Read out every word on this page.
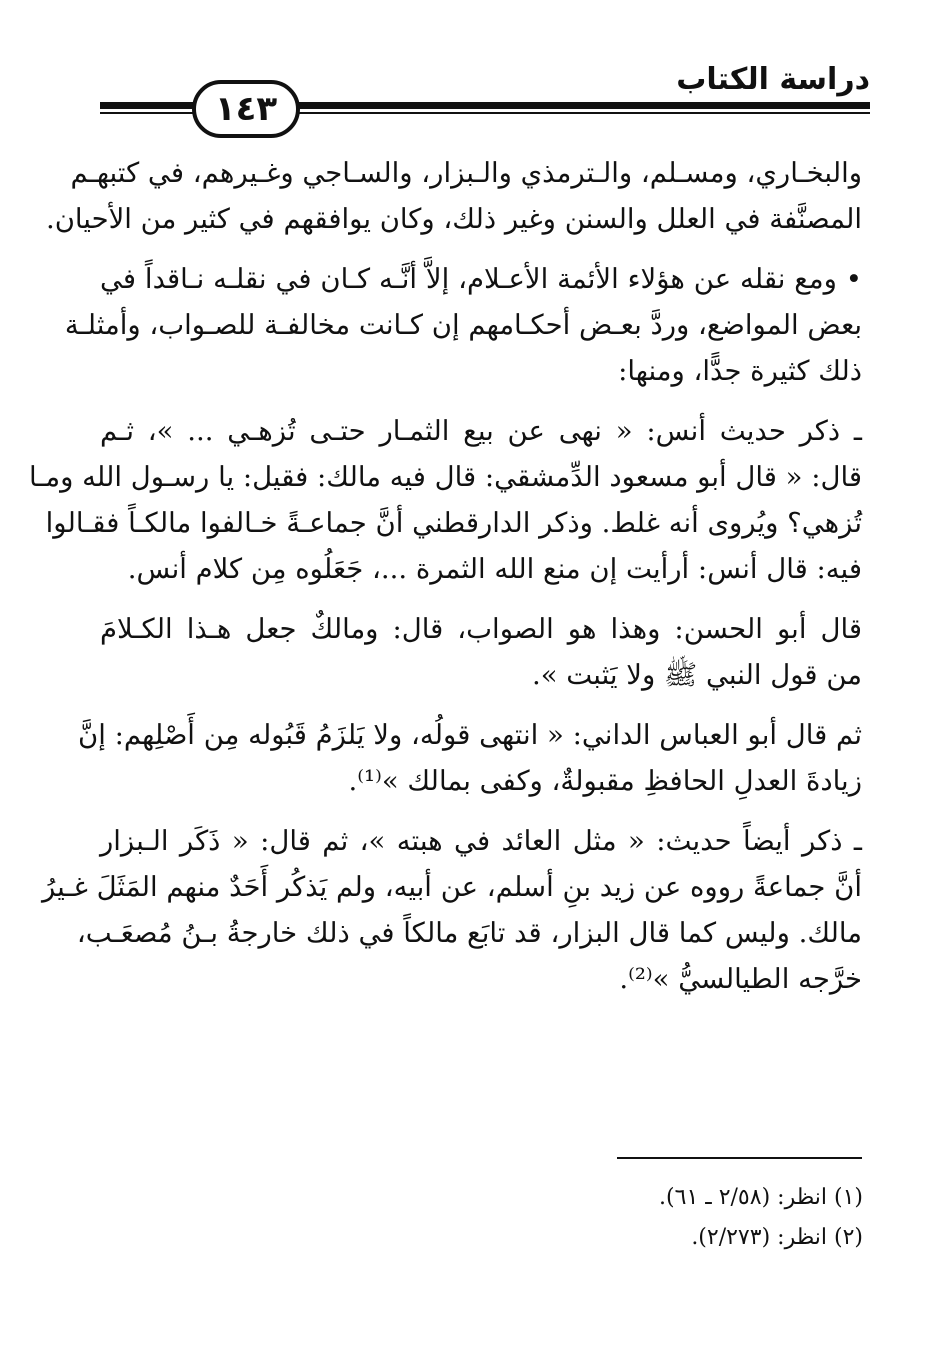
دراسة الكتاب
١٤٣
والبخـاري، ومسـلم، والـترمذي والـبزار، والسـاجي وغـيرهم، في كتبهـم
المصنَّفة في العلل والسنن وغير ذلك، وكان يوافقهم في كثير من الأحيان.
• ومع نقله عن هؤلاء الأئمة الأعـلام، إلاَّ أنَّـه كـان في نقلـه نـاقداً في
بعض المواضع، وردَّ بعـض أحكـامهم إن كـانت مخالفـة للصـواب، وأمثلـة
ذلك كثيرة جدًّا، ومنها:
ـ ذكر حديث أنس: « نهى عن بيع الثمـار حتـى تُزهـي ... »، ثـم
قال: « قال أبو مسعود الدِّمشقي: قال فيه مالك: فقيل: يا رسـول الله ومـا
تُزهي؟ ويُروى أنه غلط. وذكر الدارقطني أنَّ جماعـةً خـالفوا مالكـاً فقـالوا
فيه: قال أنس: أرأيت إن منع الله الثمرة ...، جَعَلُوه مِن كلام أنس.
قال أبو الحسن: وهذا هو الصواب، قال: ومالكٌ جعل هـذا الكـلامَ
من قول النبي ﷺ ولا يَثبت ».
ثم قال أبو العباس الداني: « انتهى قولُه، ولا يَلزَمُ قَبُوله مِن أَصْلِهم: إنَّ
زيادةَ العدلِ الحافظِ مقبولةٌ، وكفى بمالك »⁽¹⁾.
ـ ذكر أيضاً حديث: « مثل العائد في هبته »، ثم قال: « ذَكَر الـبزار
أنَّ جماعةً رووه عن زيد بنِ أسلم، عن أبيه، ولم يَذكُر أَحَدٌ منهم المَثَلَ غـيرُ
مالك. وليس كما قال البزار، قد تابَع مالكاً في ذلك خارجةُ بـنُ مُصعَـب،
خرَّجه الطيالسيُّ »⁽²⁾.
(١) انظر: (٢/٥٨ ـ ٦١).
(٢) انظر: (٢/٢٧٣).
